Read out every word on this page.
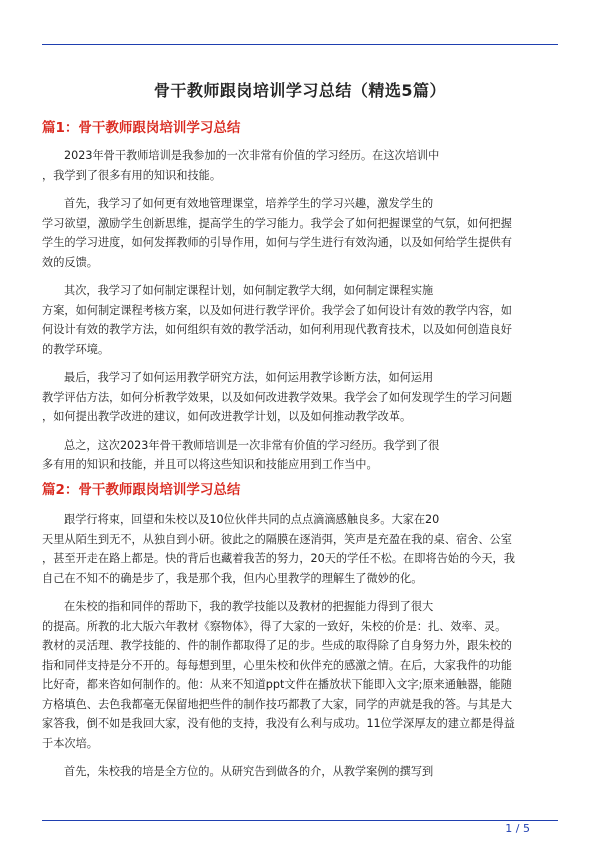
骨干教师跟岗培训学习总结（精选5篇）
篇1：骨干教师跟岗培训学习总结

2023年骨干教师培训是我参加的一次非常有价值的学习经历。在这次培训中
，我学到了很多有用的知识和技能。

首先，我学习了如何更有效地管理课堂，培养学生的学习兴趣，激发学生的
学习欲望，激励学生创新思维，提高学生的学习能力。我学会了如何把握课堂的气氛，如何把握
学生的学习进度，如何发挥教师的引导作用，如何与学生进行有效沟通，以及如何给学生提供有
效的反馈。

其次，我学习了如何制定课程计划，如何制定教学大纲，如何制定课程实施
方案，如何制定课程考核方案，以及如何进行教学评价。我学会了如何设计有效的教学内容，如
何设计有效的教学方法，如何组织有效的教学活动，如何利用现代教育技术，以及如何创造良好
的教学环境。

最后，我学习了如何运用教学研究方法，如何运用教学诊断方法，如何运用
教学评估方法，如何分析教学效果，以及如何改进教学效果。我学会了如何发现学生的学习问题
，如何提出教学改进的建议，如何改进教学计划，以及如何推动教学改革。

总之，这次2023年骨干教师培训是一次非常有价值的学习经历。我学到了很
多有用的知识和技能，并且可以将这些知识和技能应用到工作当中。

篇2：骨干教师跟岗培训学习总结

跟学行将束，回望和朱校以及10位伙伴共同的点点滴滴感触良多。大家在20
天里从陌生到无不，从独自到小研。彼此之的隔膜在逐消弭，笑声是充盈在我的桌、宿舍、公室
，甚至开走在路上都是。快的背后也藏着我苦的努力，20天的学任不松。在即将告始的今天，我
自己在不知不的确是步了，我是那个我，但内心里教学的理解生了微妙的化。

在朱校的指和同伴的帮助下，我的教学技能以及教材的把握能力得到了很大
的提高。所教的北大版六年教材《察物体》，得了大家的一致好，朱校的价是：扎、效率、灵。
教材的灵活理、教学技能的、件的制作都取得了足的步。些成的取得除了自身努力外，跟朱校的
指和同伴支持是分不开的。每每想到里，心里朱校和伙伴充的感激之情。在后，大家我件的功能
比好奇，都来咨如何制作的。他：从来不知道ppt文件在播放状下能即入文字;原来通触器，能随
方格填色、去色我都毫无保留地把些件的制作技巧都教了大家，同学的声就是我的答。与其是大
家答我，倒不如是我回大家，没有他的支持，我没有么利与成功。11位学深厚友的建立都是得益
于本次培。

首先，朱校我的培是全方位的。从研究告到做各的介，从教学案例的撰写到

1 / 5
